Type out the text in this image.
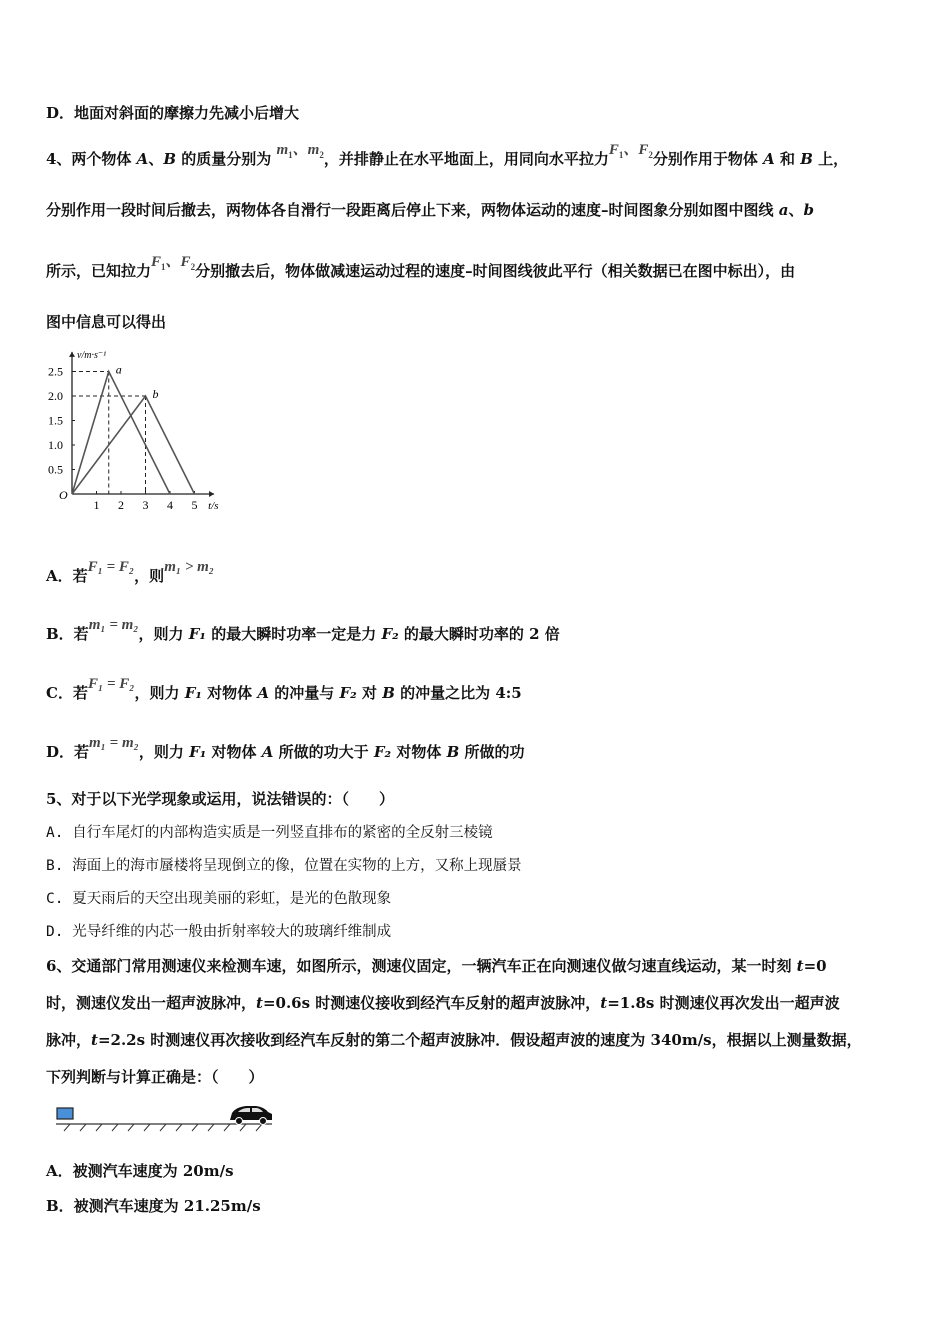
D．地面对斜面的摩擦力先减小后增大
4、两个物体 A、B 的质量分别为 $m_1$、$m_2$，并排静止在水平地面上，用同向水平拉力$F_1$、$F_2$分别作用于物体 A 和 B 上，
分别作用一段时间后撤去，两物体各自滑行一段距离后停止下来，两物体运动的速度–时间图象分别如图中图线 a、b
所示，已知拉力$F_1$、$F_2$分别撤去后，物体做减速运动过程的速度–时间图线彼此平行（相关数据已在图中标出），由
图中信息可以得出
v/m·s⁻¹
t/s
O
1 2 3 4 5
0.5
1.0
1.5
2.0
2.5	a
b
A．若F₁ = F₂，则m₁ > m₂
B．若m₁ = m₂，则力 F₁ 的最大瞬时功率一定是力 F₂ 的最大瞬时功率的 2 倍
C．若F₁ = F₂，则力 F₁ 对物体 A 的冲量与 F₂ 对 B 的冲量之比为 4:5
D．若m₁ = m₂，则力 F₁ 对物体 A 所做的功大于 F₂ 对物体 B 所做的功
5、对于以下光学现象或运用，说法错误的：（　　）
A. 自行车尾灯的内部构造实质是一列竖直排布的紧密的全反射三棱镜
B. 海面上的海市蜃楼将呈现倒立的像，位置在实物的上方，又称上现蜃景
C. 夏天雨后的天空出现美丽的彩虹，是光的色散现象
D. 光导纤维的内芯一般由折射率较大的玻璃纤维制成
6、交通部门常用测速仪来检测车速，如图所示，测速仪固定，一辆汽车正在向测速仪做匀速直线运动，某一时刻 t=0
时，测速仪发出一超声波脉冲，t=0.6s 时测速仪接收到经汽车反射的超声波脉冲，t=1.8s 时测速仪再次发出一超声波
脉冲，t=2.2s 时测速仪再次接收到经汽车反射的第二个超声波脉冲．假设超声波的速度为 340m/s，根据以上测量数据，
下列判断与计算正确是：（　　）
A．被测汽车速度为 20m/s
B．被测汽车速度为 21.25m/s
